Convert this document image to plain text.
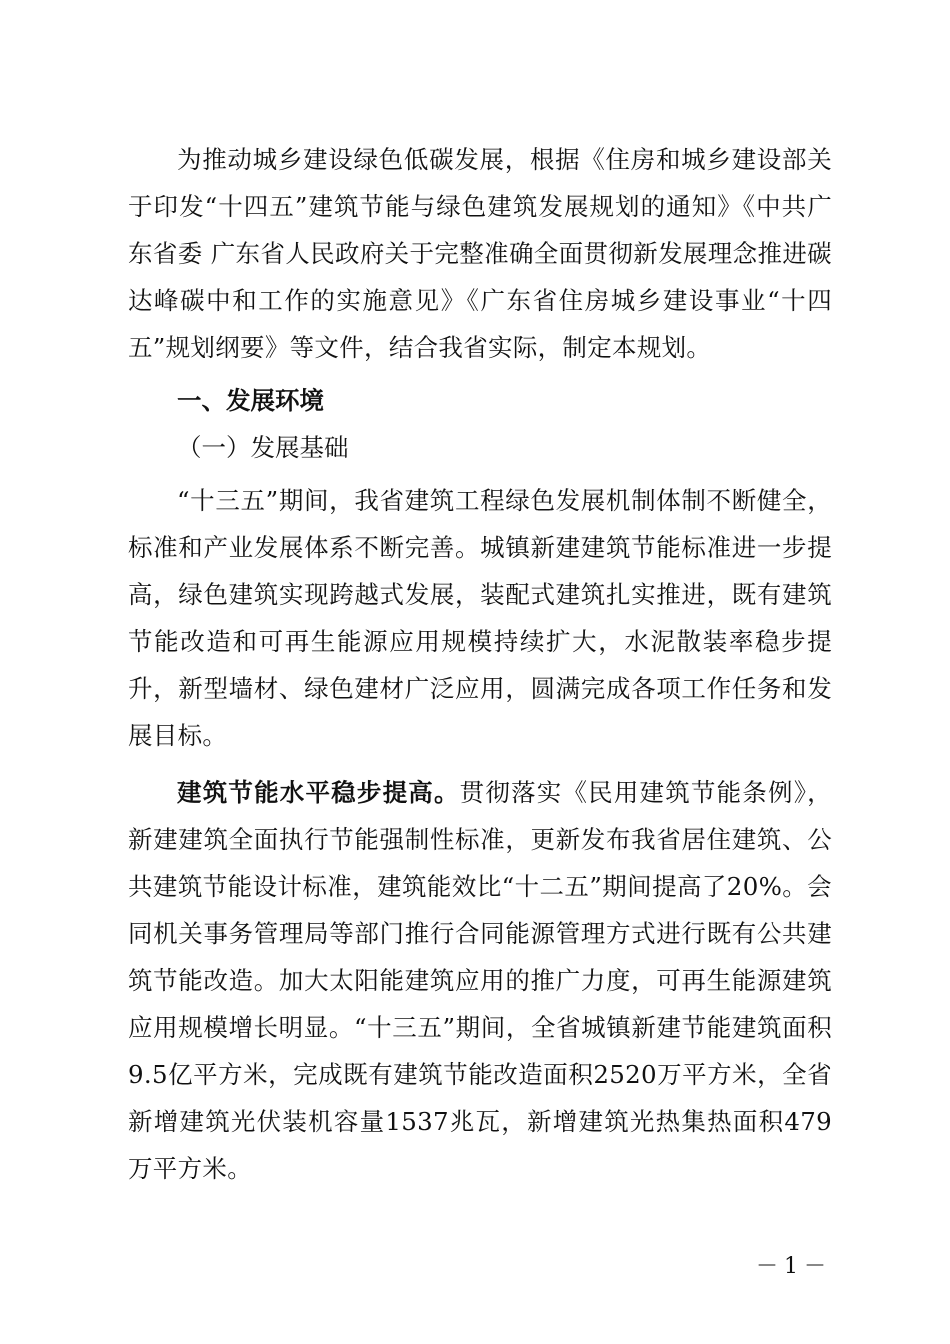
为推动城乡建设绿色低碳发展，根据《住房和城乡建设部关于印发“十四五”建筑节能与绿色建筑发展规划的通知》《中共广东省委 广东省人民政府关于完整准确全面贯彻新发展理念推进碳达峰碳中和工作的实施意见》《广东省住房城乡建设事业“十四五”规划纲要》等文件，结合我省实际，制定本规划。

一、发展环境

（一）发展基础

“十三五”期间，我省建筑工程绿色发展机制体制不断健全，标准和产业发展体系不断完善。城镇新建建筑节能标准进一步提高，绿色建筑实现跨越式发展，装配式建筑扎实推进，既有建筑节能改造和可再生能源应用规模持续扩大，水泥散装率稳步提升，新型墙材、绿色建材广泛应用，圆满完成各项工作任务和发展目标。

建筑节能水平稳步提高。贯彻落实《民用建筑节能条例》，新建建筑全面执行节能强制性标准，更新发布我省居住建筑、公共建筑节能设计标准，建筑能效比“十二五”期间提高了20%。会同机关事务管理局等部门推行合同能源管理方式进行既有公共建筑节能改造。加大太阳能建筑应用的推广力度，可再生能源建筑应用规模增长明显。“十三五”期间，全省城镇新建节能建筑面积9.5亿平方米，完成既有建筑节能改造面积2520万平方米，全省新增建筑光伏装机容量1537兆瓦，新增建筑光热集热面积479万平方米。

－1－
